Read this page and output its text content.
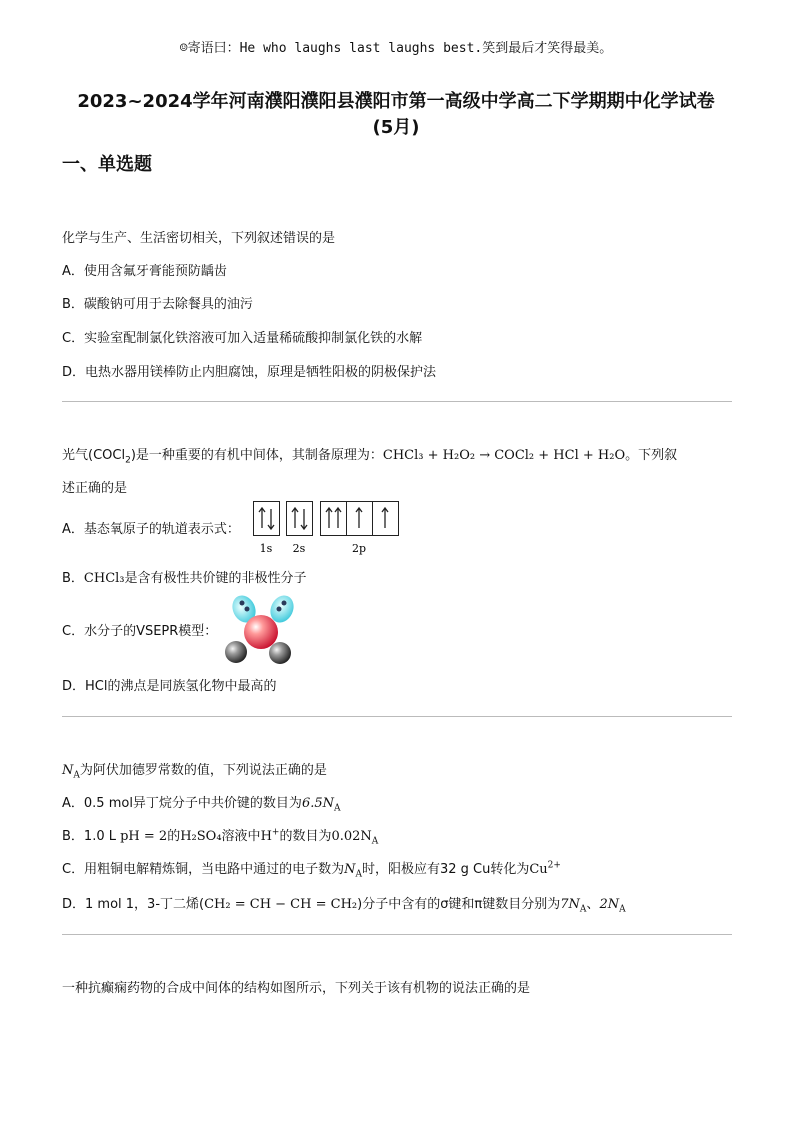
☺寄语曰：He who laughs last laughs best.笑到最后才笑得最美。
2023~2024学年河南濮阳濮阳县濮阳市第一高级中学高二下学期期中化学试卷
(5月)
一、单选题
化学与生产、生活密切相关，下列叙述错误的是
A．使用含氟牙膏能预防龋齿
B．碳酸钠可用于去除餐具的油污
C．实验室配制氯化铁溶液可加入适量稀硫酸抑制氯化铁的水解
D．电热水器用镁棒防止内胆腐蚀，原理是牺牲阳极的阴极保护法
光气(COCl$_2$)是一种重要的有机中间体，其制备原理为：CHCl₃ + H₂O₂ → COCl₂ + HCl + H₂O。下列叙
述正确的是
A．基态氧原子的轨道表示式：
1s 2s	2p
B．CHCl₃是含有极性共价键的非极性分子
C．水分子的VSEPR模型：
D．HCl的沸点是同族氢化物中最高的
$N_A$为阿伏加德罗常数的值，下列说法正确的是
A．0.5 mol异丁烷分子中共价键的数目为$6.5N_A$
B．1.0 L pH = 2的H₂SO₄溶液中H+的数目为$0.02N_A$
C．用粗铜电解精炼铜，当电路中通过的电子数为$N_A$时，阳极应有32 g Cu转化为$Cu^{2+}$
D．1 mol 1，3-丁二烯(CH₂ = CH − CH = CH₂)分子中含有的σ键和π键数目分别为$7N_A$、$2N_A$
一种抗癫痫药物的合成中间体的结构如图所示，下列关于该有机物的说法正确的是
